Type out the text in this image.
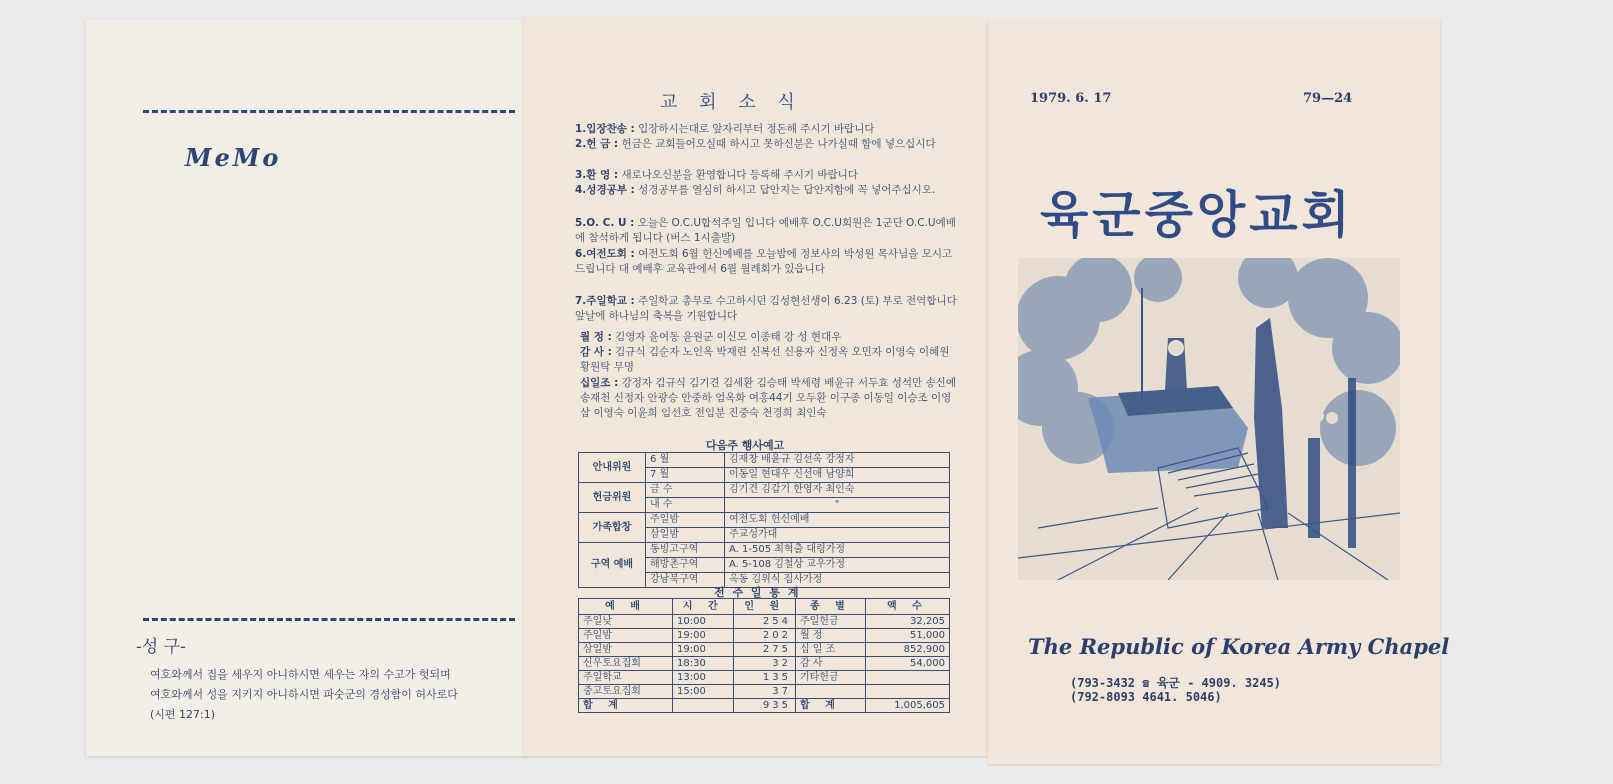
MeMo
-성 구-
여호와께서 집을 세우지 아니하시면 세우는 자의 수고가 헛되며
여호와께서 성을 지키지 아니하시면 파숫군의 경성함이 허사로다
(시편 127:1)
교 회 소 식
1.입장찬송 : 입장하시는대로 앞자리부터 정돈해 주시기 바랍니다
2.헌 금 : 헌금은 교회들어오실때 하시고 못하신분은 나가실때 함에 넣으십시다
3.환 영 : 새로나오신분을 환영합니다 등록해 주시기 바랍니다
4.성경공부 : 성경공부를 열심히 하시고 답안지는 답안지함에 꼭 넣어주십시오.
5.O. C. U : 오늘은 O.C.U합석주일 입니다 예배후 O.C.U회원은 1군단 O.C.U예배에 참석하게 됩니다 (버스 1시출발)
6.여전도회 : 여전도회 6월 헌신예배를 오늘밤에 정보사의 박성원 목사님을 모시고 드립니다 대 예배후 교육관에서 6월 월례회가 있읍니다
7.주일학교 : 주일학교 총무로 수고하시던 김성현선생이 6.23 (토) 부로 전역합니다 앞날에 하나님의 축복을 기원합니다
월 정 : 김영자 윤여동 윤원군 이신모 이종태 강 성 현대우
감 사 : 김규식 김순자 노인옥 박재린 신복선 신용자 신정옥 오민자 이영숙 이혜원 황원탁 무명
십일조 : 강정자 김규식 김기견 김세환 김승태 박세령 배윤규 서두효 성석만 송신예 송재천 신정자 안광승 안중하 엄옥화 여홍44기 오두환 이구종 이동일 이승조 이영삼 이영숙 이윤희 임선호 전임분 진중숙 천경희 최인숙
다음주 행사예고
안내위원	6 월	김재창 배윤규 김선옥 강정자
	7 월	이동일 현대우 신선애 남양희
헌금위원	금 수	김기견 김갑기 한영자 최인숙
	내 수	"
가족합창	주일밤	여전도회 헌신예배
	삼일밤	주교성가대
구역 예배	동빙고구역	A. 1-505 최혁출 대령가정
	해방촌구역	A. 5-108 김철상 교우가정
	강남북구역	옥동 김위식 집사가정
전 주 일 통 계
예 배	시 간	인 원	종 별	액 수
주일낮	10:00	254	주일헌금	32,205
주일밤	19:00	202	월 정	51,000
삼일밤	19:00	275	십 일 조	852,900
신우토요집회	18:30	32	감 사	54,000
주일학교	13:00	135	기타헌금	
중고토요집회	15:00	37		
합 계		935	합 계	1,005,605
1979. 6. 17	79—24
육군중앙교회
The Republic of Korea Army Chapel
(793-3432 ☎ 육군 - 4909. 3245)
(792-8093 4641. 5046)
